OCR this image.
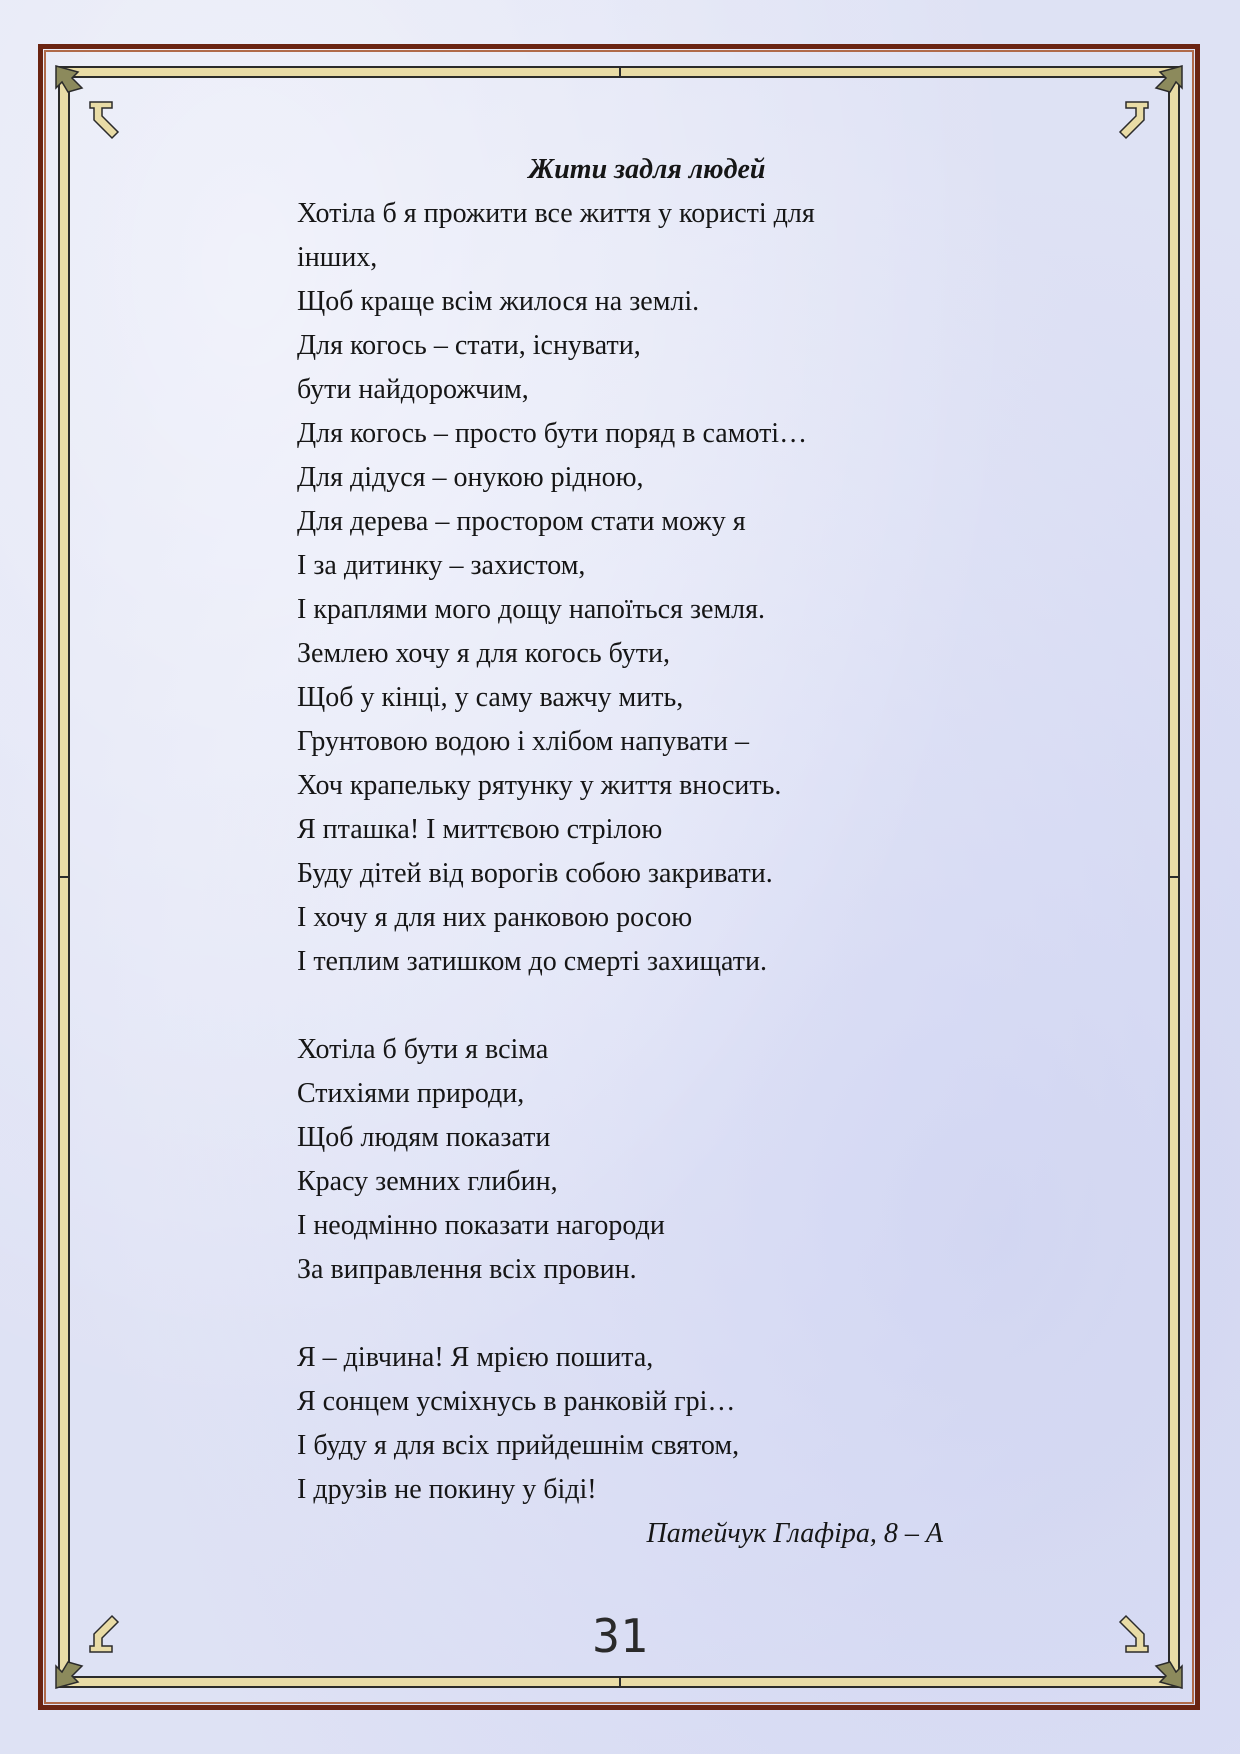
Жити задля людей
Хотіла б я прожити все життя у користі для
інших,
Щоб краще всім жилося на землі.
Для когось – стати, існувати,
бути найдорожчим,
Для когось – просто бути поряд в самоті…
Для дідуся – онукою рідною,
Для дерева – простором стати можу я
І за дитинку – захистом,
І краплями мого дощу напоїться земля.
Землею хочу я для когось бути,
Щоб у кінці, у саму важчу мить,
Грунтовою водою і хлібом напувати –
Хоч крапельку рятунку у життя вносить.
Я пташка! І миттєвою стрілою
Буду дітей від ворогів собою закривати.
І хочу я для них ранковою росою
І теплим затишком до смерті захищати.
Хотіла б бути я всіма
Стихіями природи,
Щоб людям показати
Красу земних глибин,
І неодмінно показати нагороди
За виправлення всіх провин.
Я – дівчина! Я мрією пошита,
Я сонцем усміхнусь в ранковій грі…
І буду я для всіх прийдешнім святом,
І друзів не покину у біді!
Патейчук Глафіра, 8 – А
31
